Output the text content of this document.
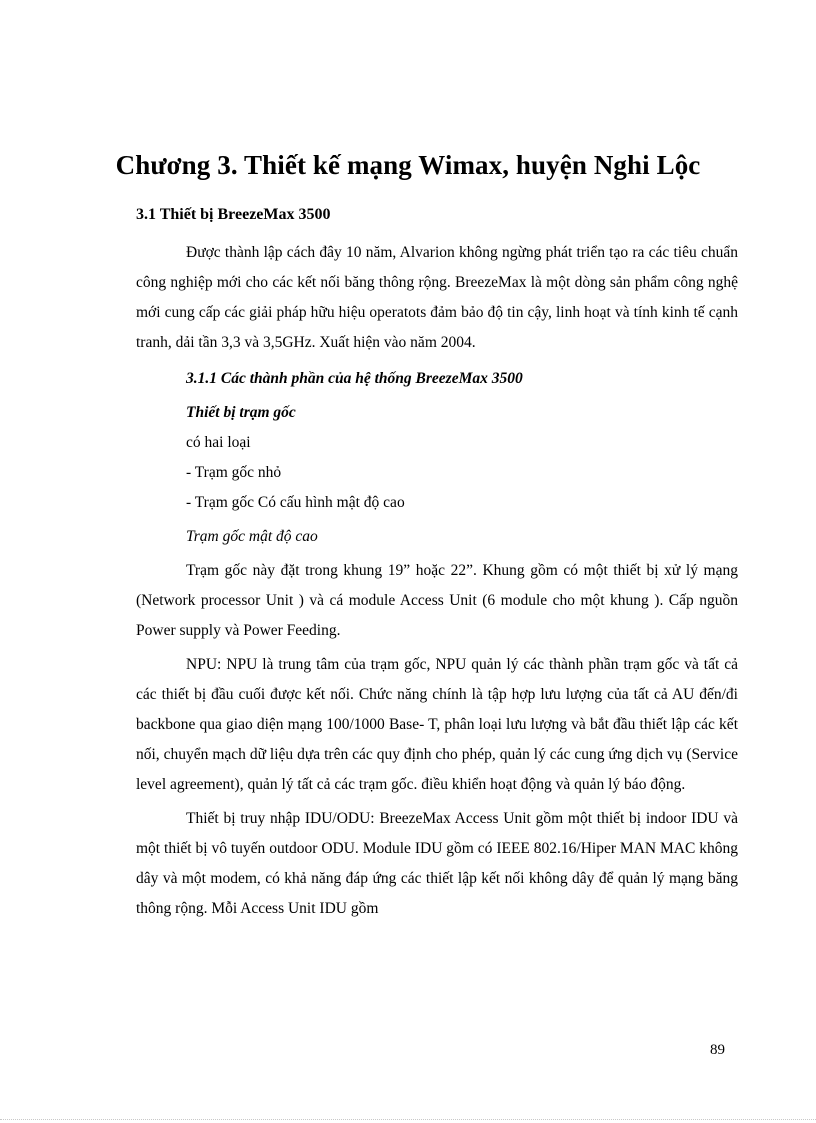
Chương 3. Thiết kế mạng Wimax, huyện Nghi Lộc
3.1 Thiết bị BreezeMax 3500

Được thành lập cách đây 10 năm, Alvarion không ngừng phát triển tạo ra các tiêu chuẩn công nghiệp mới cho các kết nối băng thông rộng. BreezeMax là một dòng sản phẩm công nghệ mới cung cấp các giải pháp hữu hiệu operatots đảm bảo độ tin cậy, linh hoạt và tính kinh tế cạnh tranh, dải tần 3,3 và 3,5GHz. Xuất hiện vào năm 2004.

3.1.1 Các thành phần của hệ thống BreezeMax 3500

Thiết bị trạm gốc

có hai loại

- Trạm gốc nhỏ

- Trạm gốc Có cấu hình mật độ cao

Trạm gốc mật độ cao

Trạm gốc này đặt trong khung 19” hoặc 22”. Khung gồm có một thiết bị xử lý mạng (Network processor Unit ) và cá module Access Unit (6 module cho một khung ). Cấp nguồn Power supply và Power Feeding.

NPU: NPU là trung tâm của trạm gốc, NPU quản lý các thành phần trạm gốc và tất cả các thiết bị đầu cuối được kết nối. Chức năng chính là tập hợp lưu lượng của tất cả AU đến/đi backbone qua giao diện mạng 100/1000 Base- T, phân loại lưu lượng và bắt đầu thiết lập các kết nối, chuyển mạch dữ liệu dựa trên các quy định cho phép, quản lý các cung ứng dịch vụ (Service level agreement), quản lý tất cả các trạm gốc. điều khiển hoạt động và quản lý báo động.

Thiết bị truy nhập IDU/ODU: BreezeMax Access Unit gồm một thiết bị indoor IDU và một thiết bị vô tuyến outdoor ODU. Module IDU gồm có IEEE 802.16/Hiper MAN MAC không dây và một modem, có khả năng đáp ứng các thiết lập kết nối không dây để quản lý mạng băng thông rộng. Mỗi Access Unit IDU gồm

89
